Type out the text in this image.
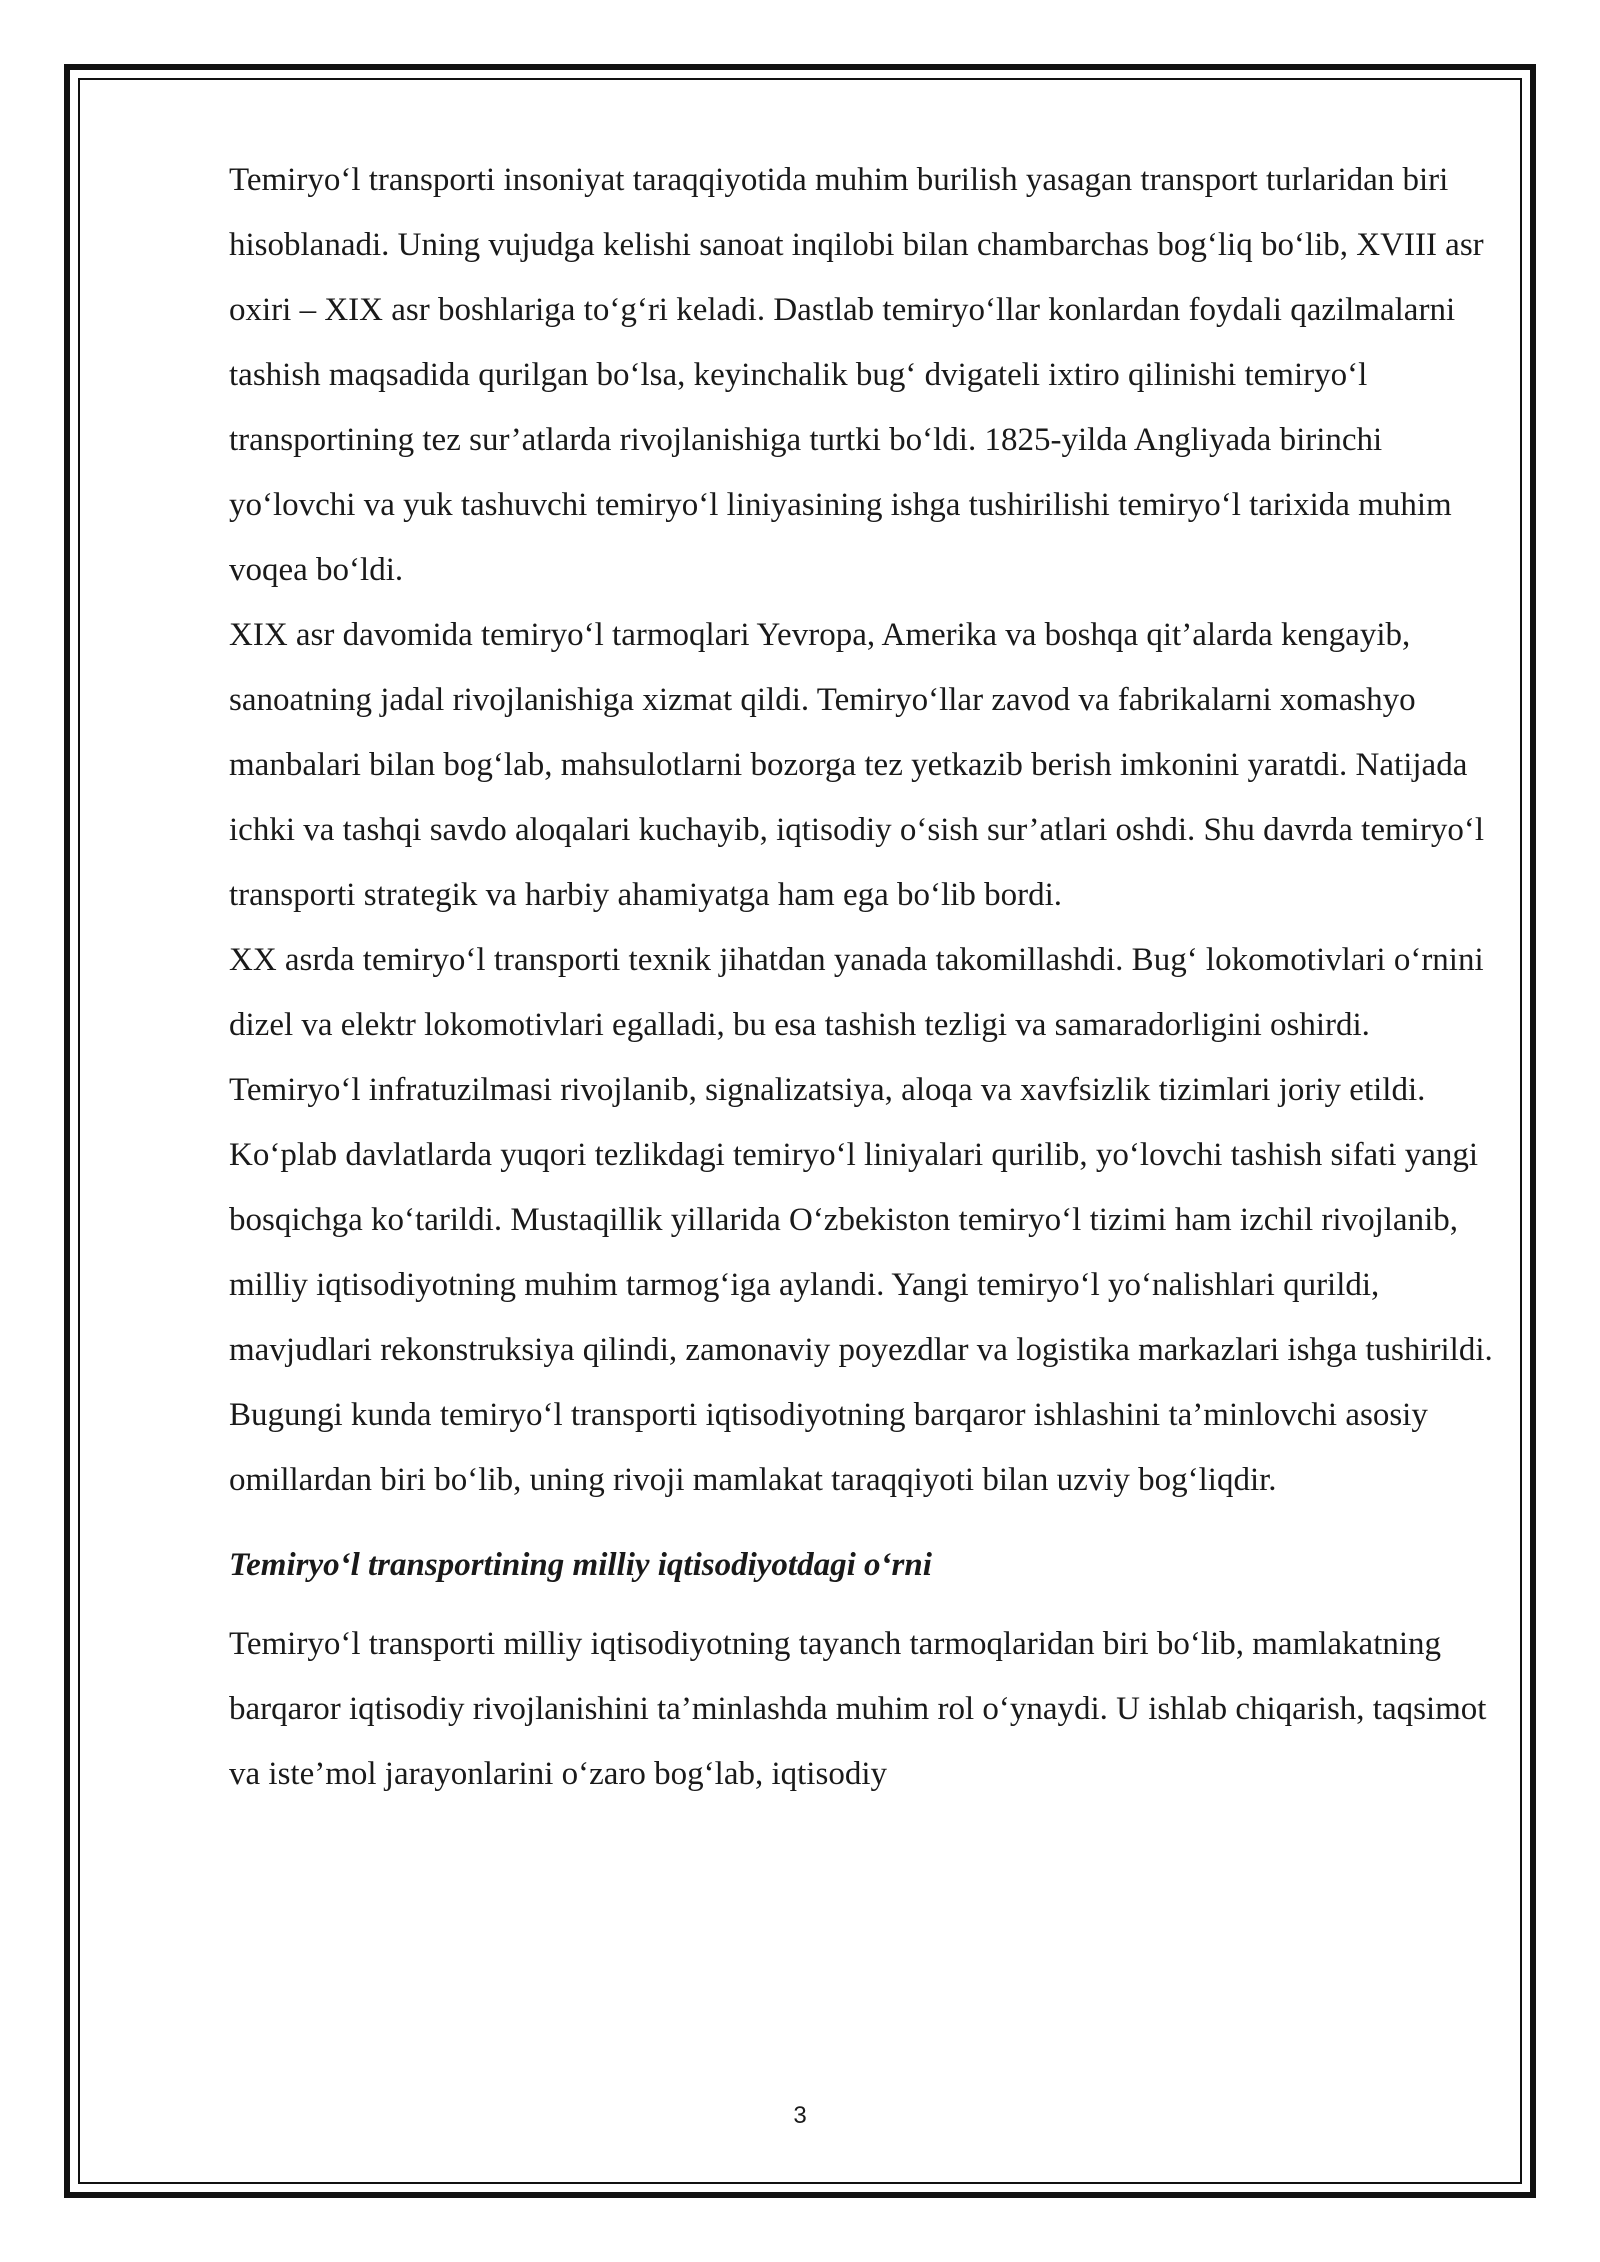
Temiryo‘l transporti insoniyat taraqqiyotida muhim burilish yasagan transport turlaridan biri hisoblanadi. Uning vujudga kelishi sanoat inqilobi bilan chambarchas bog‘liq bo‘lib, XVIII asr oxiri – XIX asr boshlariga to‘g‘ri keladi. Dastlab temiryo‘llar konlardan foydali qazilmalarni tashish maqsadida qurilgan bo‘lsa, keyinchalik bug‘ dvigateli ixtiro qilinishi temiryo‘l transportining tez sur’atlarda rivojlanishiga turtki bo‘ldi. 1825-yilda Angliyada birinchi yo‘lovchi va yuk tashuvchi temiryo‘l liniyasining ishga tushirilishi temiryo‘l tarixida muhim voqea bo‘ldi.

XIX asr davomida temiryo‘l tarmoqlari Yevropa, Amerika va boshqa qit’alarda kengayib, sanoatning jadal rivojlanishiga xizmat qildi. Temiryo‘llar zavod va fabrikalarni xomashyo manbalari bilan bog‘lab, mahsulotlarni bozorga tez yetkazib berish imkonini yaratdi. Natijada ichki va tashqi savdo aloqalari kuchayib, iqtisodiy o‘sish sur’atlari oshdi. Shu davrda temiryo‘l transporti strategik va harbiy ahamiyatga ham ega bo‘lib bordi.

XX asrda temiryo‘l transporti texnik jihatdan yanada takomillashdi. Bug‘ lokomotivlari o‘rnini dizel va elektr lokomotivlari egalladi, bu esa tashish tezligi va samaradorligini oshirdi. Temiryo‘l infratuzilmasi rivojlanib, signalizatsiya, aloqa va xavfsizlik tizimlari joriy etildi. Ko‘plab davlatlarda yuqori tezlikdagi temiryo‘l liniyalari qurilib, yo‘lovchi tashish sifati yangi bosqichga ko‘tarildi. Mustaqillik yillarida O‘zbekiston temiryo‘l tizimi ham izchil rivojlanib, milliy iqtisodiyotning muhim tarmog‘iga aylandi. Yangi temiryo‘l yo‘nalishlari qurildi, mavjudlari rekonstruksiya qilindi, zamonaviy poyezdlar va logistika markazlari ishga tushirildi. Bugungi kunda temiryo‘l transporti iqtisodiyotning barqaror ishlashini ta’minlovchi asosiy omillardan biri bo‘lib, uning rivoji mamlakat taraqqiyoti bilan uzviy bog‘liqdir.

Temiryo‘l transportining milliy iqtisodiyotdagi o‘rni

Temiryo‘l transporti milliy iqtisodiyotning tayanch tarmoqlaridan biri bo‘lib, mamlakatning barqaror iqtisodiy rivojlanishini ta’minlashda muhim rol o‘ynaydi. U ishlab chiqarish, taqsimot va iste’mol jarayonlarini o‘zaro bog‘lab, iqtisodiy

3
